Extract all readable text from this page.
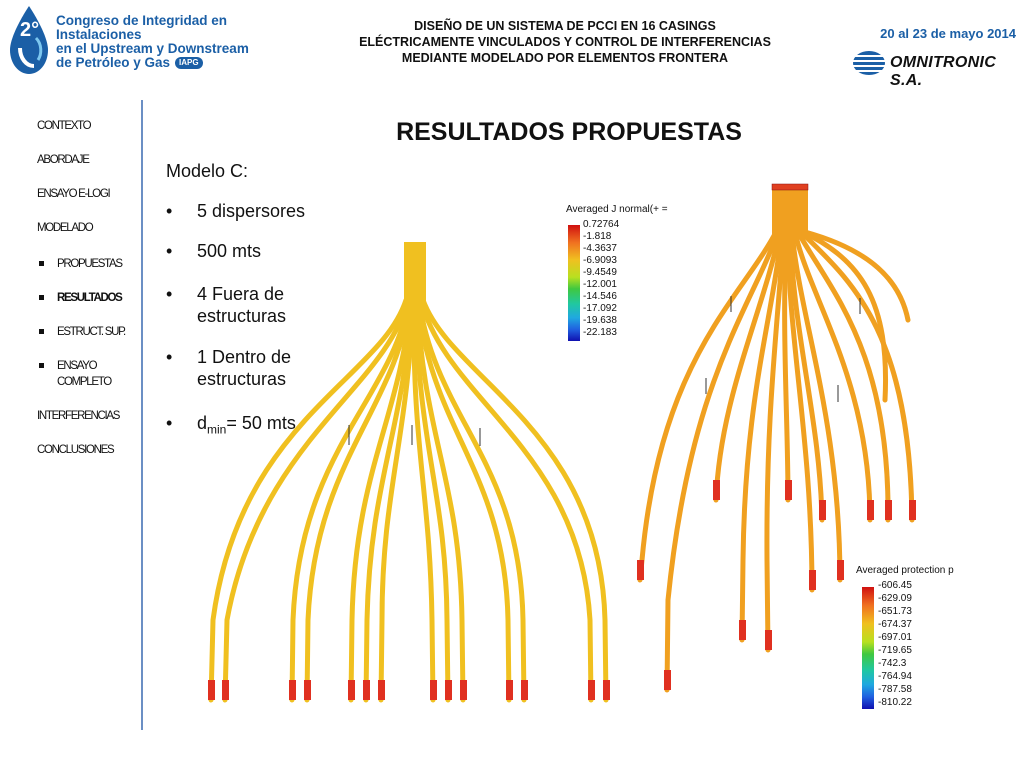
2° Congreso de Integridad en Instalaciones
en el Upstream y Downstream
de Petróleo y Gas IAPG
DISEÑO DE UN SISTEMA DE PCCI EN 16 CASINGS
ELÉCTRICAMENTE VINCULADOS Y CONTROL DE INTERFERENCIAS
MEDIANTE MODELADO POR ELEMENTOS FRONTERA
20 al 23 de mayo 2014
OMNITRONIC S.A.
CONTEXTO
ABORDAJE
ENSAYO E-LOGI
MODELADO
PROPUESTAS
RESULTADOS
ESTRUCT. SUP.
ENSAYO COMPLETO
INTERFERENCIAS
CONCLUSIONES
RESULTADOS PROPUESTAS
Modelo C:
• 5 dispersores
• 500 mts
• 4 Fuera de estructuras
• 1 Dentro de estructuras
• $d_{min}= 50$ mts
Averaged J normal(+ =
0.72764
-1.818
-4.3637
-6.9093
-9.4549
-12.001
-14.546
-17.092
-19.638
-22.183
Averaged protection p
-606.45
-629.09
-651.73
-674.37
-697.01
-719.65
-742.3
-764.94
-787.58
-810.22
